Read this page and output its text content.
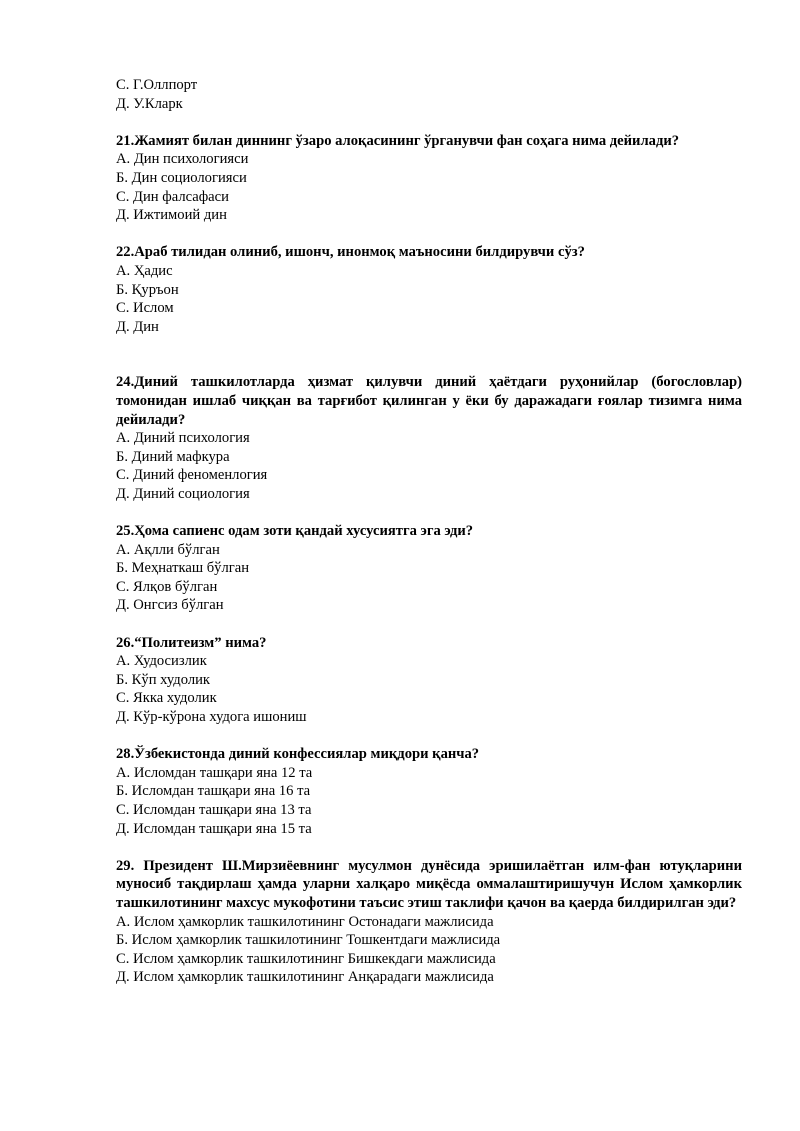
С. Г.Оллпорт
Д. У.Кларк
21.Жамият билан диннинг ўзаро алоқасининг ўрганувчи фан соҳага нима дейилади?
А. Дин психологияси
Б. Дин социологияси
С. Дин фалсафаси
Д. Ижтимоий дин
22.Араб тилидан олиниб, ишонч, инонмоқ маъносини билдирувчи сўз?
А. Ҳадис
Б. Қуръон
С. Ислом
Д. Дин
24.Диний ташкилотларда ҳизмат қилувчи диний ҳаётдаги руҳонийлар (богословлар) томонидан ишлаб чиққан ва тарғибот қилинган у ёки бу даражадаги ғоялар тизимга нима дейилади?
А. Диний психология
Б. Диний мафкура
С. Диний феноменлогия
Д. Диний социология
25.Ҳома сапиенс одам зоти қандай хусусиятга эга эди?
А. Ақлли бўлган
Б. Меҳнаткаш бўлган
С. Ялқов бўлган
Д. Онгсиз бўлган
26.“Политеизм” нима?
А. Худосизлик
Б. Кўп худолик
С. Якка худолик
Д. Кўр-кўрона худога ишониш
28.Ўзбекистонда диний конфессиялар миқдори қанча?
А. Исломдан ташқари яна 12 та
Б. Исломдан ташқари яна 16 та
С. Исломдан ташқари яна 13 та
Д. Исломдан ташқари яна 15 та
29. Президент Ш.Мирзиёевнинг мусулмон дунёсида эришилаётган илм-фан ютуқларини муносиб тақдирлаш ҳамда уларни халқаро миқёсда оммалаштиришучун Ислом ҳамкорлик ташкилотининг махсус мукофотини таъсис этиш таклифи қачон ва қаерда билдирилган эди?
А. Ислом ҳамкорлик ташкилотининг Остонадаги мажлисида
Б. Ислом ҳамкорлик ташкилотининг Тошкентдаги мажлисида
С. Ислом ҳамкорлик ташкилотининг Бишкекдаги мажлисида
Д. Ислом ҳамкорлик ташкилотининг Анқарадаги мажлисида
